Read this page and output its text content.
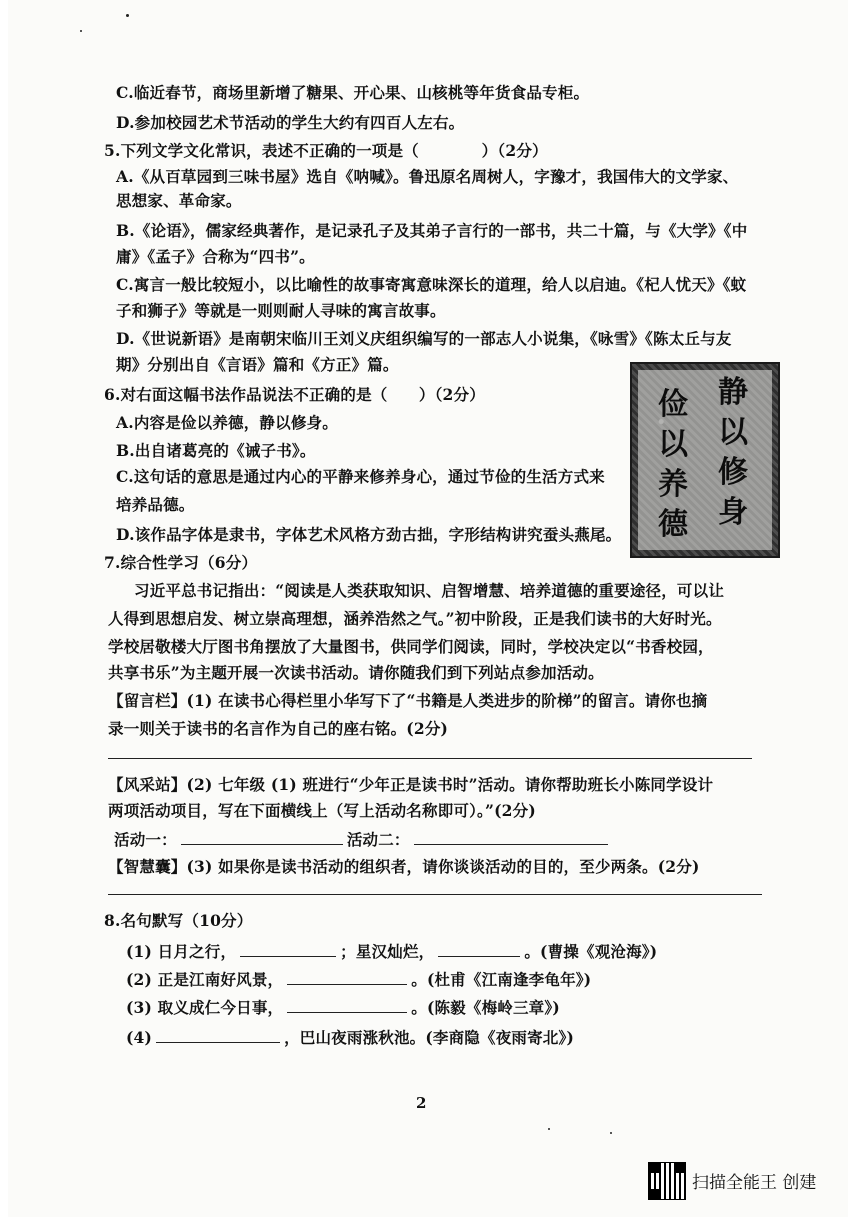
C.临近春节，商场里新增了糖果、开心果、山核桃等年货食品专柜。
D.参加校园艺术节活动的学生大约有四百人左右。
5.下列文学文化常识，表述不正确的一项是（　　　　）（2分）
A.《从百草园到三味书屋》选自《呐喊》。鲁迅原名周树人，字豫才，我国伟大的文学家、
思想家、革命家。
B.《论语》，儒家经典著作，是记录孔子及其弟子言行的一部书，共二十篇，与《大学》《中
庸》《孟子》合称为“四书”。
C.寓言一般比较短小，以比喻性的故事寄寓意味深长的道理，给人以启迪。《杞人忧天》《蚊
子和狮子》等就是一则则耐人寻味的寓言故事。
D.《世说新语》是南朝宋临川王刘义庆组织编写的一部志人小说集，《咏雪》《陈太丘与友
期》分别出自《言语》篇和《方正》篇。
6.对右面这幅书法作品说法不正确的是（　　）（2分）
A.内容是俭以养德，静以修身。
B.出自诸葛亮的《诫子书》。
C.这句话的意思是通过内心的平静来修养身心，通过节俭的生活方式来
培养品德。
D.该作品字体是隶书，字体艺术风格方劲古拙，字形结构讲究蚕头燕尾。
静
以
修
身
俭
以
养
德
7.综合性学习（6分）
习近平总书记指出：“阅读是人类获取知识、启智增慧、培养道德的重要途径，可以让
人得到思想启发、树立崇高理想，涵养浩然之气。”初中阶段，正是我们读书的大好时光。
学校居敬楼大厅图书角摆放了大量图书，供同学们阅读，同时，学校决定以“书香校园，
共享书乐”为主题开展一次读书活动。请你随我们到下列站点参加活动。
【留言栏】(1) 在读书心得栏里小华写下了“书籍是人类进步的阶梯”的留言。请你也摘
录一则关于读书的名言作为自己的座右铭。(2分)
【风采站】(2) 七年级 (1) 班进行“少年正是读书时”活动。请你帮助班长小陈同学设计
两项活动项目，写在下面横线上（写上活动名称即可）。”(2分)
活动一：	活动二：
【智慧囊】(3) 如果你是读书活动的组织者，请你谈谈活动的目的，至少两条。(2分)
8.名句默写（10分）
(1) 日月之行，	；星汉灿烂，	。(曹操《观沧海》)
(2) 正是江南好风景，	。(杜甫《江南逢李龟年》)
(3) 取义成仁今日事，	。(陈毅《梅岭三章》)
(4)	，巴山夜雨涨秋池。(李商隐《夜雨寄北》)
2
扫描全能王 创建
